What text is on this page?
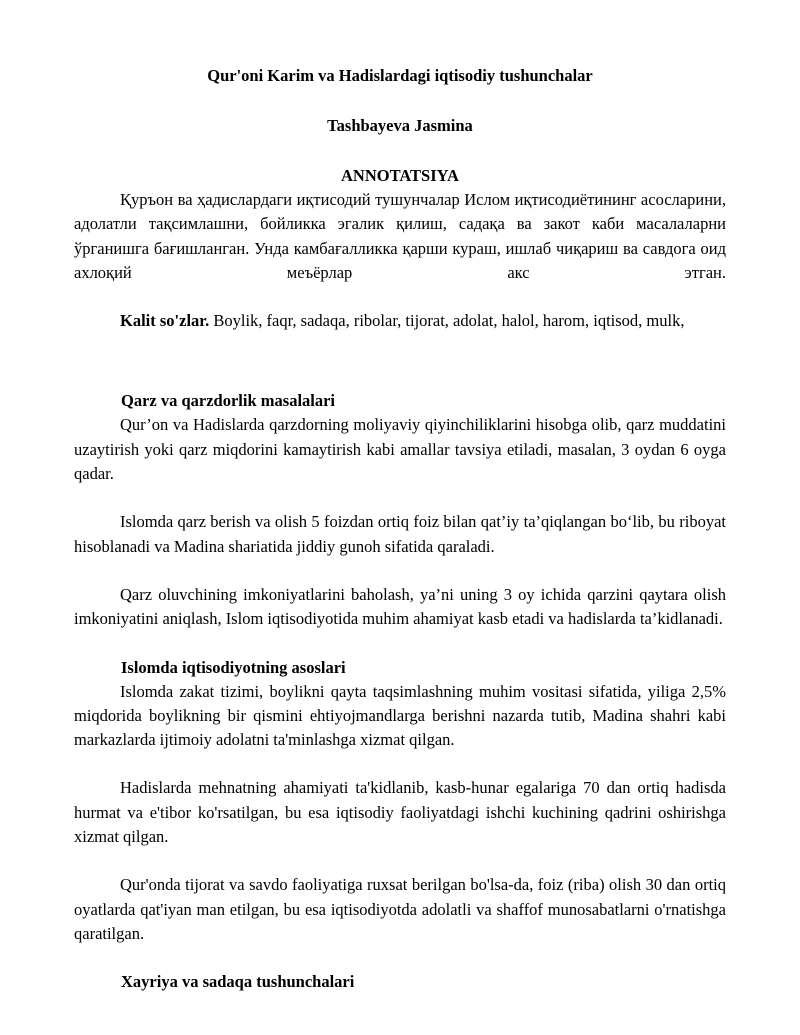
Qur'oni Karim va Hadislardagi iqtisodiy tushunchalar
Tashbayeva Jasmina
ANNOTATSIYA

Қуръон ва ҳадислардаги иқтисодий тушунчалар Ислом иқтисодиётининг асосларини, адолатли тақсимлашни, бойликка эгалик қилиш, садақа ва закот каби масалаларни ўрганишга бағишланган. Унда камбағалликка қарши кураш, ишлаб чиқариш ва савдога оид ахлоқий меъёрлар акс этган.

Kalit so'zlar. Boylik, faqr, sadaqa, ribolar, tijorat, adolat, halol, harom, iqtisod, mulk,

Qarz va qarzdorlik masalalari

Qur’on va Hadislarda qarzdorning moliyaviy qiyinchiliklarini hisobga olib, qarz muddatini uzaytirish yoki qarz miqdorini kamaytirish kabi amallar tavsiya etiladi, masalan, 3 oydan 6 oyga qadar.

Islomda qarz berish va olish 5 foizdan ortiq foiz bilan qat’iy ta’qiqlangan bo‘lib, bu riboyat hisoblanadi va Madina shariatida jiddiy gunoh sifatida qaraladi.

Qarz oluvchining imkoniyatlarini baholash, ya’ni uning 3 oy ichida qarzini qaytara olish imkoniyatini aniqlash, Islom iqtisodiyotida muhim ahamiyat kasb etadi va hadislarda ta’kidlanadi.

Islomda iqtisodiyotning asoslari

Islomda zakat tizimi, boylikni qayta taqsimlashning muhim vositasi sifatida, yiliga 2,5% miqdorida boylikning bir qismini ehtiyojmandlarga berishni nazarda tutib, Madina shahri kabi markazlarda ijtimoiy adolatni ta'minlashga xizmat qilgan.

Hadislarda mehnatning ahamiyati ta'kidlanib, kasb-hunar egalariga 70 dan ortiq hadisda hurmat va e'tibor ko'rsatilgan, bu esa iqtisodiy faoliyatdagi ishchi kuchining qadrini oshirishga xizmat qilgan.

Qur'onda tijorat va savdo faoliyatiga ruxsat berilgan bo'lsa-da, foiz (riba) olish 30 dan ortiq oyatlarda qat'iyan man etilgan, bu esa iqtisodiyotda adolatli va shaffof munosabatlarni o'rnatishga qaratilgan.

Xayriya va sadaqa tushunchalari
